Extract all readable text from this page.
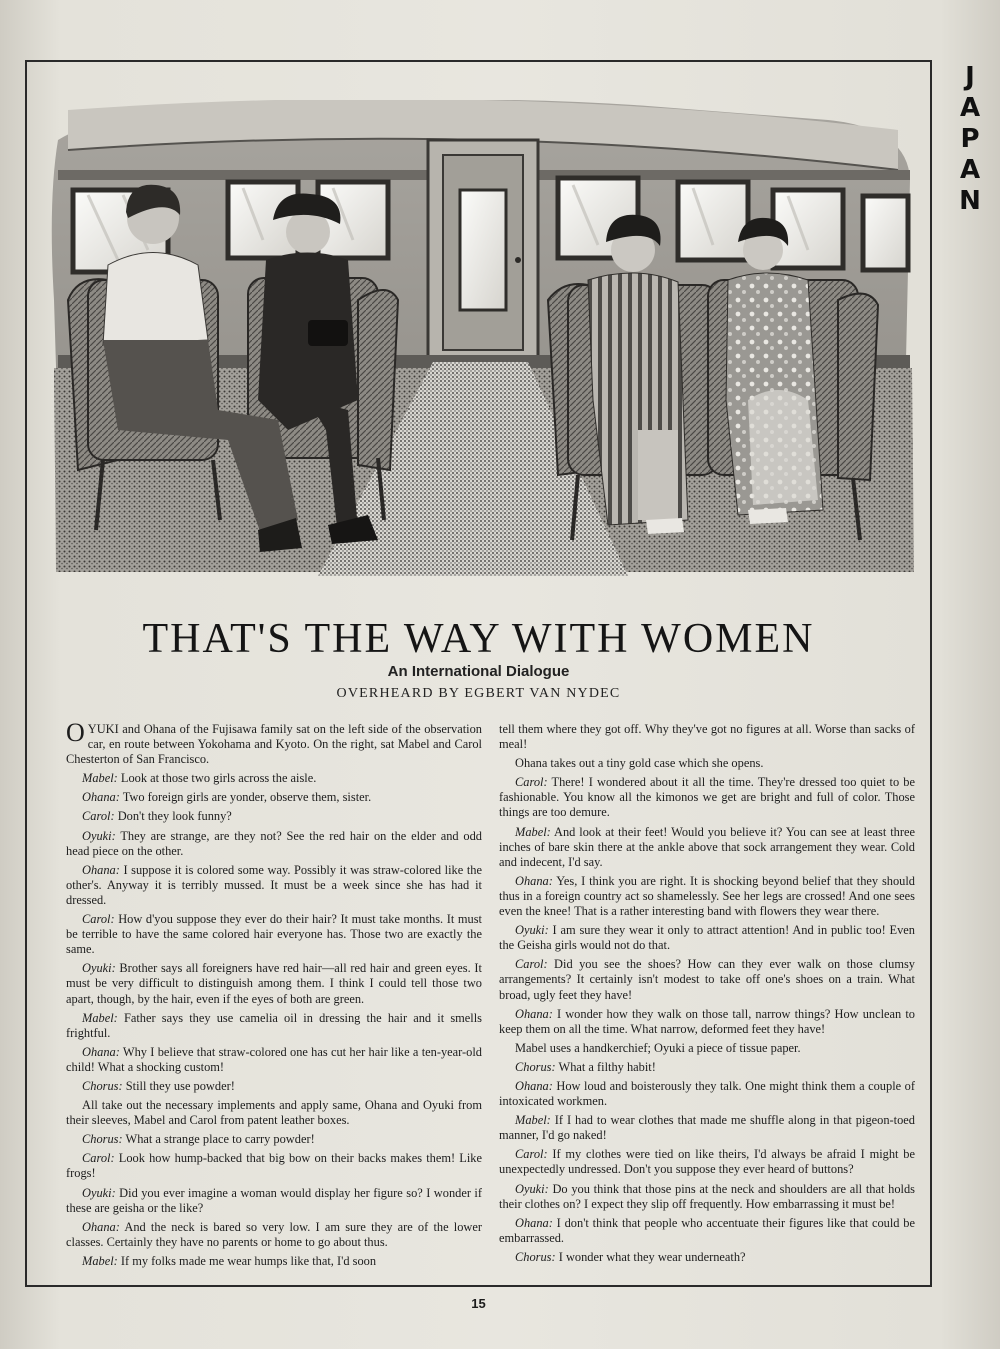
J
A
P
A
N
THAT'S THE WAY WITH WOMEN
An International Dialogue
OVERHEARD BY EGBERT VAN NYDEC

OYUKI and Ohana of the Fujisawa family sat on the left side of the observation car, en route between Yokohama and Kyoto. On the right, sat Mabel and Carol Chesterton of San Francisco.

Mabel: Look at those two girls across the aisle.

Ohana: Two foreign girls are yonder, observe them, sister.

Carol: Don't they look funny?

Oyuki: They are strange, are they not? See the red hair on the elder and odd head piece on the other.

Ohana: I suppose it is colored some way. Possibly it was straw-colored like the other's. Anyway it is terribly mussed. It must be a week since she has had it dressed.

Carol: How d'you suppose they ever do their hair? It must take months. It must be terrible to have the same colored hair everyone has. Those two are exactly the same.

Oyuki: Brother says all foreigners have red hair—all red hair and green eyes. It must be very difficult to distinguish among them. I think I could tell those two apart, though, by the hair, even if the eyes of both are green.

Mabel: Father says they use camelia oil in dressing the hair and it smells frightful.

Ohana: Why I believe that straw-colored one has cut her hair like a ten-year-old child! What a shocking custom!

Chorus: Still they use powder!

All take out the necessary implements and apply same, Ohana and Oyuki from their sleeves, Mabel and Carol from patent leather boxes.

Chorus: What a strange place to carry powder!

Carol: Look how hump-backed that big bow on their backs makes them! Like frogs!

Oyuki: Did you ever imagine a woman would display her figure so? I wonder if these are geisha or the like?

Ohana: And the neck is bared so very low. I am sure they are of the lower classes. Certainly they have no parents or home to go about thus.

Mabel: If my folks made me wear humps like that, I'd soon

tell them where they got off. Why they've got no figures at all. Worse than sacks of meal!

Ohana takes out a tiny gold case which she opens.

Carol: There! I wondered about it all the time. They're dressed too quiet to be fashionable. You know all the kimonos we get are bright and full of color. Those things are too demure.

Mabel: And look at their feet! Would you believe it? You can see at least three inches of bare skin there at the ankle above that sock arrangement they wear. Cold and indecent, I'd say.

Ohana: Yes, I think you are right. It is shocking beyond belief that they should thus in a foreign country act so shamelessly. See her legs are crossed! And one sees even the knee! That is a rather interesting band with flowers they wear there.

Oyuki: I am sure they wear it only to attract attention! And in public too! Even the Geisha girls would not do that.

Carol: Did you see the shoes? How can they ever walk on those clumsy arrangements? It certainly isn't modest to take off one's shoes on a train. What broad, ugly feet they have!

Ohana: I wonder how they walk on those tall, narrow things? How unclean to keep them on all the time. What narrow, deformed feet they have!

Mabel uses a handkerchief; Oyuki a piece of tissue paper.

Chorus: What a filthy habit!

Ohana: How loud and boisterously they talk. One might think them a couple of intoxicated workmen.

Mabel: If I had to wear clothes that made me shuffle along in that pigeon-toed manner, I'd go naked!

Carol: If my clothes were tied on like theirs, I'd always be afraid I might be unexpectedly undressed. Don't you suppose they ever heard of buttons?

Oyuki: Do you think that those pins at the neck and shoulders are all that holds their clothes on? I expect they slip off frequently. How embarrassing it must be!

Ohana: I don't think that people who accentuate their figures like that could be embarrassed.

Chorus: I wonder what they wear underneath?

15
